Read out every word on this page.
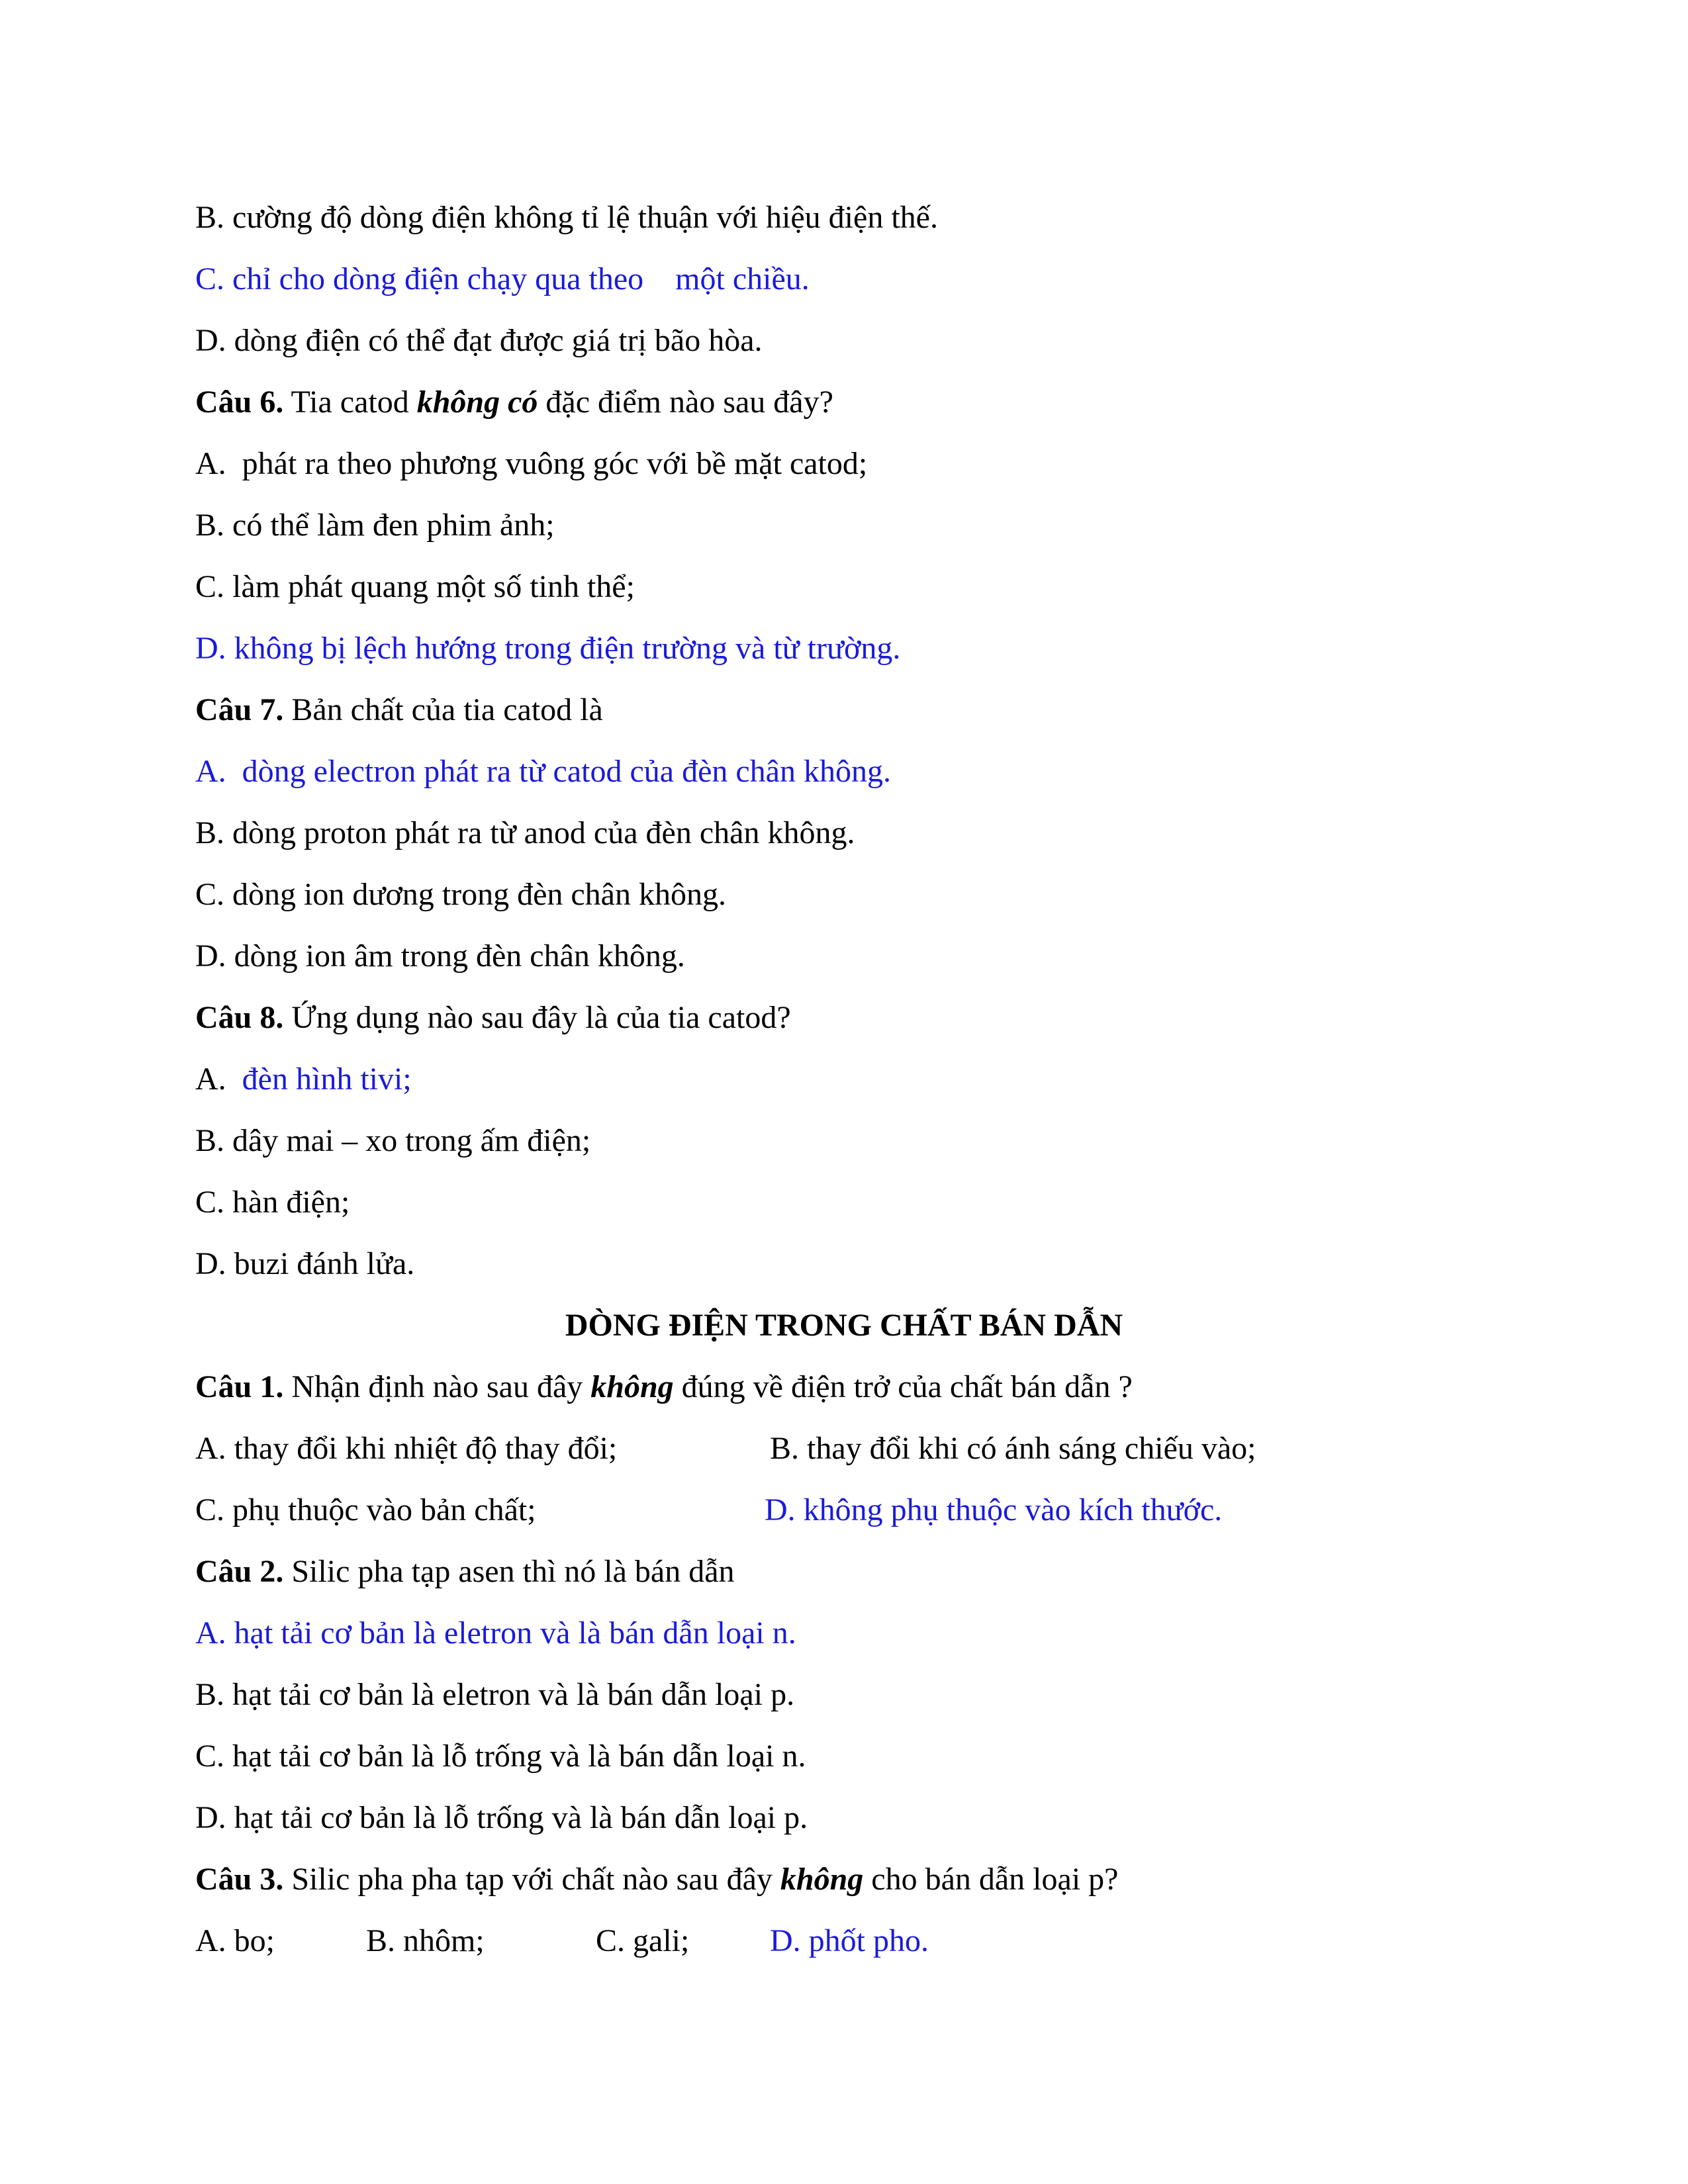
B. cường độ dòng điện không tỉ lệ thuận với hiệu điện thế.
C. chỉ cho dòng điện chạy qua theo    một chiều.
D. dòng điện có thể đạt được giá trị bão hòa.
Câu 6. Tia catod không có đặc điểm nào sau đây?
A.  phát ra theo phương vuông góc với bề mặt catod;
B. có thể làm đen phim ảnh;
C. làm phát quang một số tinh thể;
D. không bị lệch hướng trong điện trường và từ trường.
Câu 7. Bản chất của tia catod là
A.  dòng electron phát ra từ catod của đèn chân không.
B. dòng proton phát ra từ anod của đèn chân không.
C. dòng ion dương trong đèn chân không.
D. dòng ion âm trong đèn chân không.
Câu 8. Ứng dụng nào sau đây là của tia catod?
A.  đèn hình tivi;
B. dây mai – xo trong ấm điện;
C. hàn điện;
D. buzi đánh lửa.
DÒNG ĐIỆN TRONG CHẤT BÁN DẪN
Câu 1. Nhận định nào sau đây không đúng về điện trở của chất bán dẫn ?
A. thay đổi khi nhiệt độ thay đổi;	B. thay đổi khi có ánh sáng chiếu vào;
C. phụ thuộc vào bản chất;	D. không phụ thuộc vào kích thước.
Câu 2. Silic pha tạp asen thì nó là bán dẫn
A. hạt tải cơ bản là eletron và là bán dẫn loại n.
B. hạt tải cơ bản là eletron và là bán dẫn loại p.
C. hạt tải cơ bản là lỗ trống và là bán dẫn loại n.
D. hạt tải cơ bản là lỗ trống và là bán dẫn loại p.
Câu 3. Silic pha pha tạp với chất nào sau đây không cho bán dẫn loại p?
A. bo;	B. nhôm;	C. gali;	D. phốt pho.
